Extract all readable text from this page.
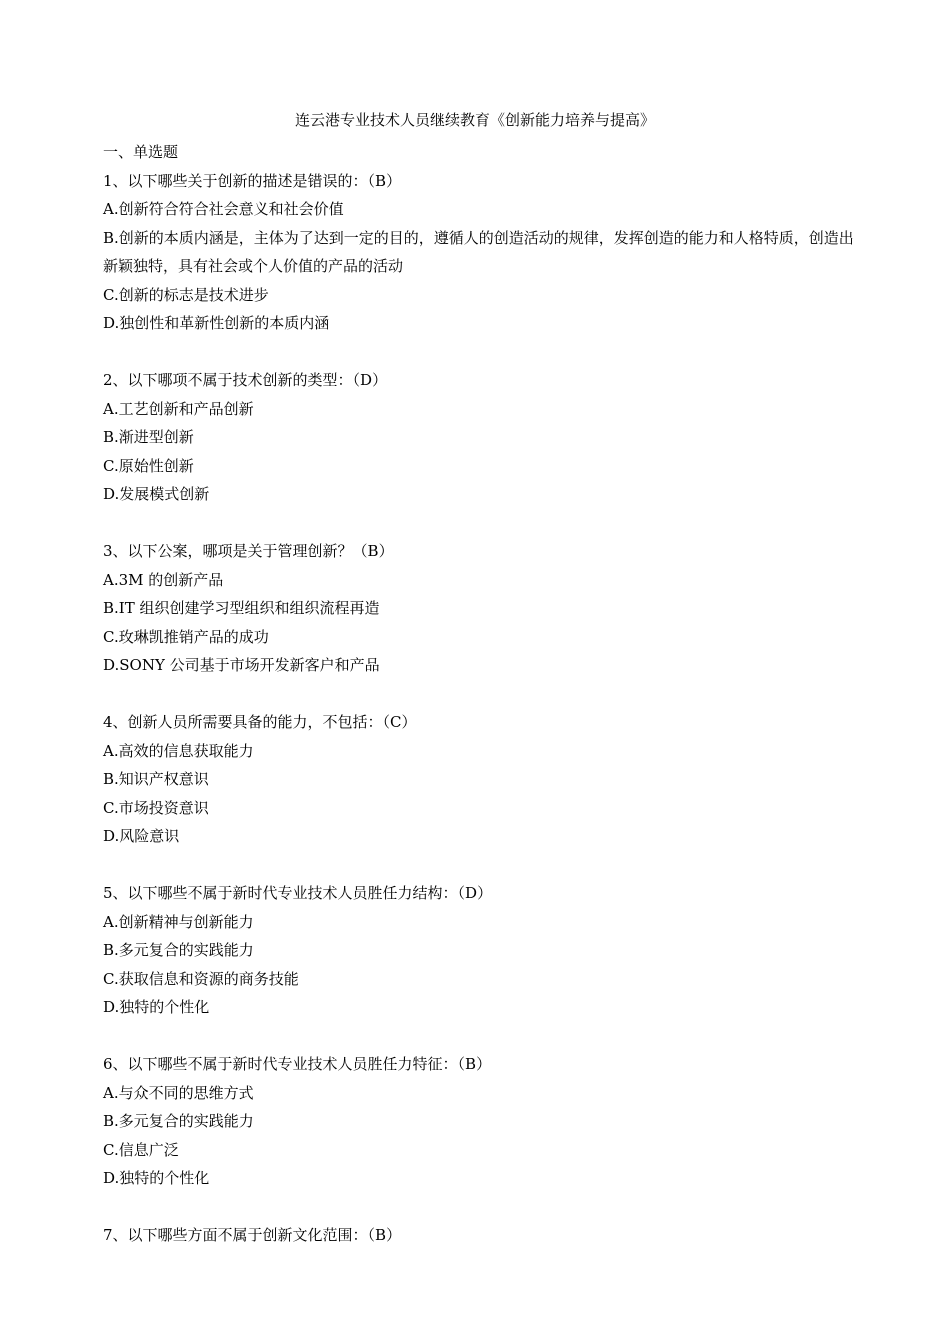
连云港专业技术人员继续教育《创新能力培养与提高》
一、单选题
1、以下哪些关于创新的描述是错误的：（B）
A.创新符合符合社会意义和社会价值
B.创新的本质内涵是，主体为了达到一定的目的，遵循人的创造活动的规律，发挥创造的能力和人格特质，创造出新颖独特，具有社会或个人价值的产品的活动
C.创新的标志是技术进步
D.独创性和革新性创新的本质内涵
2、以下哪项不属于技术创新的类型：（D）
A.工艺创新和产品创新
B.渐进型创新
C.原始性创新
D.发展模式创新
3、以下公案，哪项是关于管理创新？（B）
A.3M 的创新产品
B.IT 组织创建学习型组织和组织流程再造
C.玫琳凯推销产品的成功
D.SONY 公司基于市场开发新客户和产品
4、创新人员所需要具备的能力，不包括：（C）
A.高效的信息获取能力
B.知识产权意识
C.市场投资意识
D.风险意识
5、以下哪些不属于新时代专业技术人员胜任力结构：（D）
A.创新精神与创新能力
B.多元复合的实践能力
C.获取信息和资源的商务技能
D.独特的个性化
6、以下哪些不属于新时代专业技术人员胜任力特征：（B）
A.与众不同的思维方式
B.多元复合的实践能力
C.信息广泛
D.独特的个性化
7、以下哪些方面不属于创新文化范围：（B）
